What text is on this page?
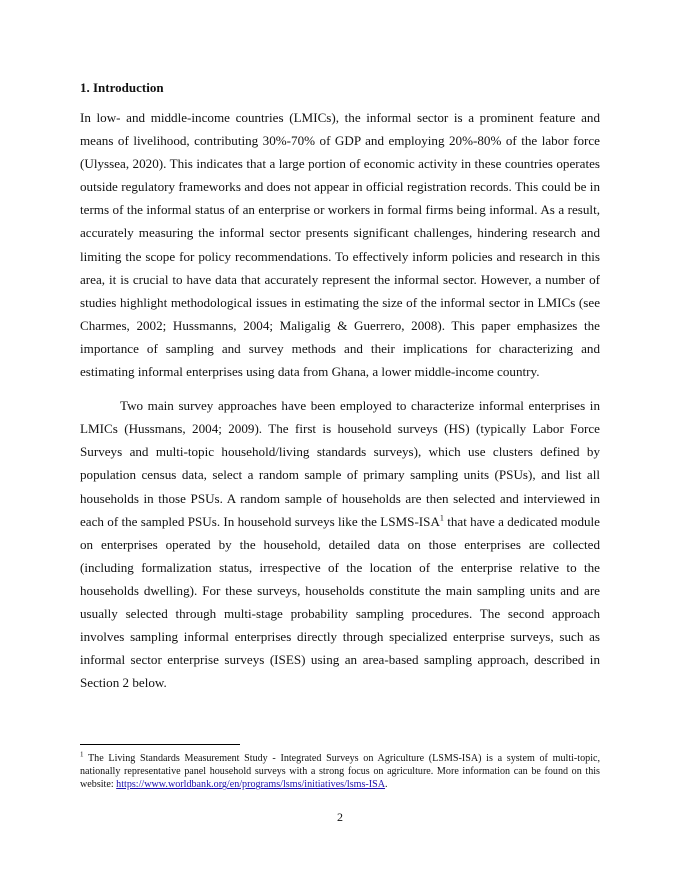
1. Introduction

In low- and middle-income countries (LMICs), the informal sector is a prominent feature and means of livelihood, contributing 30%-70% of GDP and employing 20%-80% of the labor force (Ulyssea, 2020). This indicates that a large portion of economic activity in these countries operates outside regulatory frameworks and does not appear in official registration records. This could be in terms of the informal status of an enterprise or workers in formal firms being informal. As a result, accurately measuring the informal sector presents significant challenges, hindering research and limiting the scope for policy recommendations. To effectively inform policies and research in this area, it is crucial to have data that accurately represent the informal sector. However, a number of studies highlight methodological issues in estimating the size of the informal sector in LMICs (see Charmes, 2002; Hussmanns, 2004; Maligalig & Guerrero, 2008). This paper emphasizes the importance of sampling and survey methods and their implications for characterizing and estimating informal enterprises using data from Ghana, a lower middle-income country.

Two main survey approaches have been employed to characterize informal enterprises in LMICs (Hussmans, 2004; 2009). The first is household surveys (HS) (typically Labor Force Surveys and multi-topic household/living standards surveys), which use clusters defined by population census data, select a random sample of primary sampling units (PSUs), and list all households in those PSUs. A random sample of households are then selected and interviewed in each of the sampled PSUs. In household surveys like the LSMS-ISA$^1$ that have a dedicated module on enterprises operated by the household, detailed data on those enterprises are collected (including formalization status, irrespective of the location of the enterprise relative to the households dwelling). For these surveys, households constitute the main sampling units and are usually selected through multi-stage probability sampling procedures. The second approach involves sampling informal enterprises directly through specialized enterprise surveys, such as informal sector enterprise surveys (ISES) using an area-based sampling approach, described in Section 2 below.

$^1$ The Living Standards Measurement Study - Integrated Surveys on Agriculture (LSMS-ISA) is a system of multi-topic, nationally representative panel household surveys with a strong focus on agriculture. More information can be found on this website: https://www.worldbank.org/en/programs/lsms/initiatives/lsms-ISA.
2
